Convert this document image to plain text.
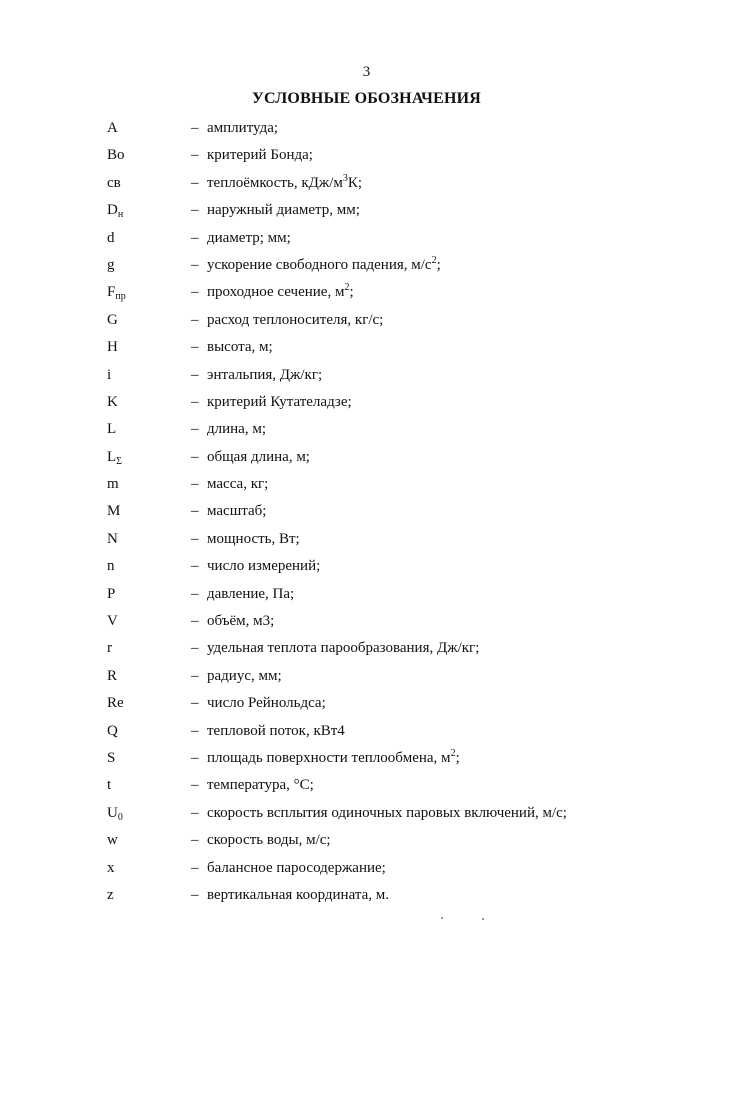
3
УСЛОВНЫЕ ОБОЗНАЧЕНИЯ
A	– амплитуда;
Bo	– критерий Бонда;
cв	– теплоёмкость, кДж/$м^3К$;
$D_н$	– наружный диаметр, мм;
d	– диаметр; мм;
g	– ускорение свободного падения, $м/с^2$;
$F_{пр}$	– проходное сечение, $м^2$;
G	– расход теплоносителя, кг/с;
H	– высота, м;
i	– энтальпия, Дж/кг;
K	– критерий Кутателадзе;
L	– длина, м;
$L_\Sigma$	– общая длина, м;
m	– масса, кг;
M	– масштаб;
N	– мощность, Вт;
n	– число измерений;
P	– давление, Па;
V	– объём, м3;
r	– удельная теплота парообразования, Дж/кг;
R	– радиус, мм;
Re	– число Рейнольдса;
Q	– тепловой поток, кВт4
S	– площадь поверхности теплообмена, $м^2$;
t	– температура, °С;
$U_0$	– скорость всплытия одиночных паровых включений, м/с;
w	– скорость воды, м/с;
x	– балансное паросодержание;
z	– вертикальная координата, м.
